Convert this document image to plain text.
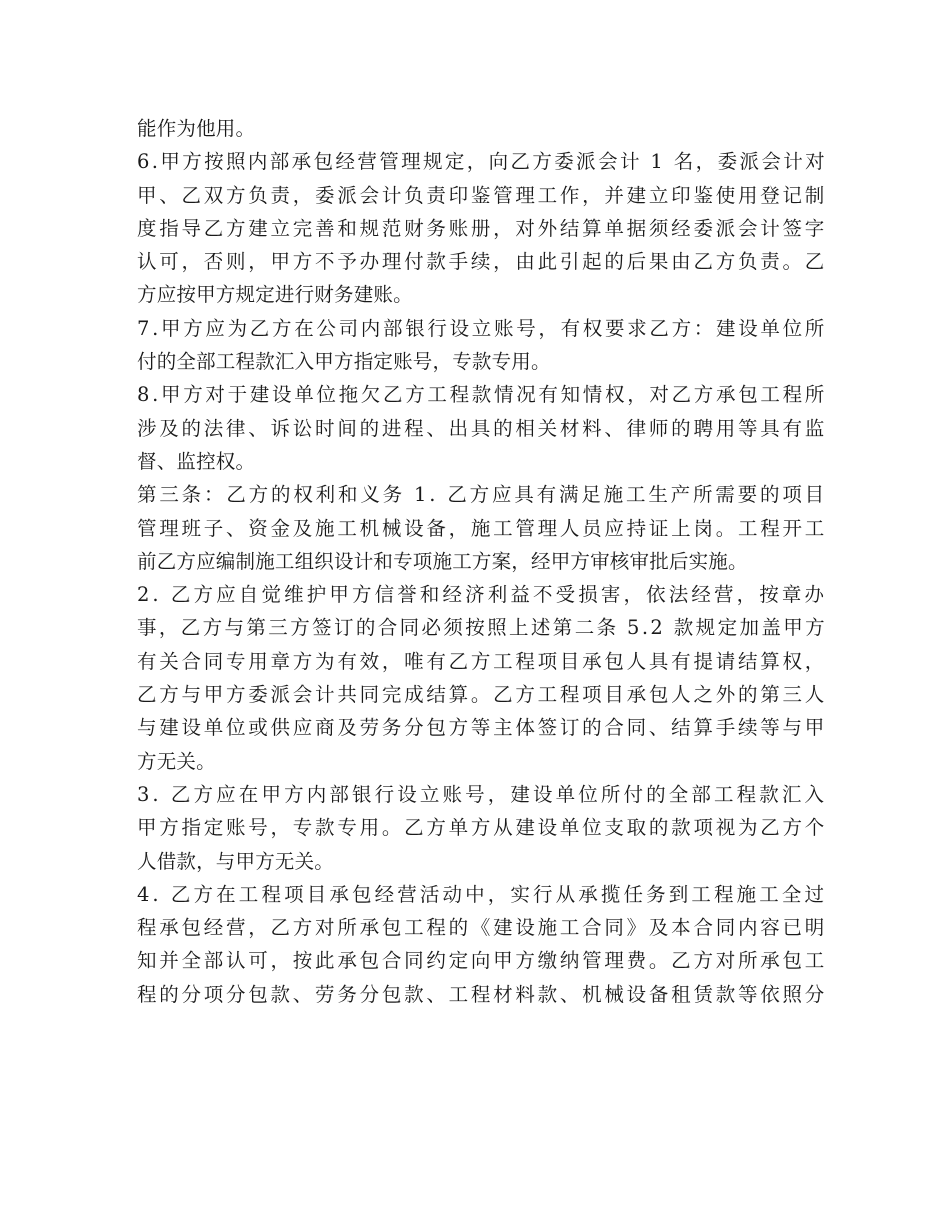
能作为他用。
6.甲方按照内部承包经营管理规定，向乙方委派会计 1 名，委派会计对
甲、乙双方负责，委派会计负责印鉴管理工作，并建立印鉴使用登记制
度指导乙方建立完善和规范财务账册，对外结算单据须经委派会计签字
认可，否则，甲方不予办理付款手续，由此引起的后果由乙方负责。乙
方应按甲方规定进行财务建账。
7.甲方应为乙方在公司内部银行设立账号，有权要求乙方：建设单位所
付的全部工程款汇入甲方指定账号，专款专用。
8.甲方对于建设单位拖欠乙方工程款情况有知情权，对乙方承包工程所
涉及的法律、诉讼时间的进程、出具的相关材料、律师的聘用等具有监
督、监控权。
第三条：乙方的权利和义务 1. 乙方应具有满足施工生产所需要的项目
管理班子、资金及施工机械设备，施工管理人员应持证上岗。工程开工
前乙方应编制施工组织设计和专项施工方案，经甲方审核审批后实施。
2. 乙方应自觉维护甲方信誉和经济利益不受损害，依法经营，按章办
事，乙方与第三方签订的合同必须按照上述第二条 5.2 款规定加盖甲方
有关合同专用章方为有效，唯有乙方工程项目承包人具有提请结算权，
乙方与甲方委派会计共同完成结算。乙方工程项目承包人之外的第三人
与建设单位或供应商及劳务分包方等主体签订的合同、结算手续等与甲
方无关。
3. 乙方应在甲方内部银行设立账号，建设单位所付的全部工程款汇入
甲方指定账号，专款专用。乙方单方从建设单位支取的款项视为乙方个
人借款，与甲方无关。
4. 乙方在工程项目承包经营活动中，实行从承揽任务到工程施工全过
程承包经营，乙方对所承包工程的《建设施工合同》及本合同内容已明
知并全部认可，按此承包合同约定向甲方缴纳管理费。乙方对所承包工
程的分项分包款、劳务分包款、工程材料款、机械设备租赁款等依照分
